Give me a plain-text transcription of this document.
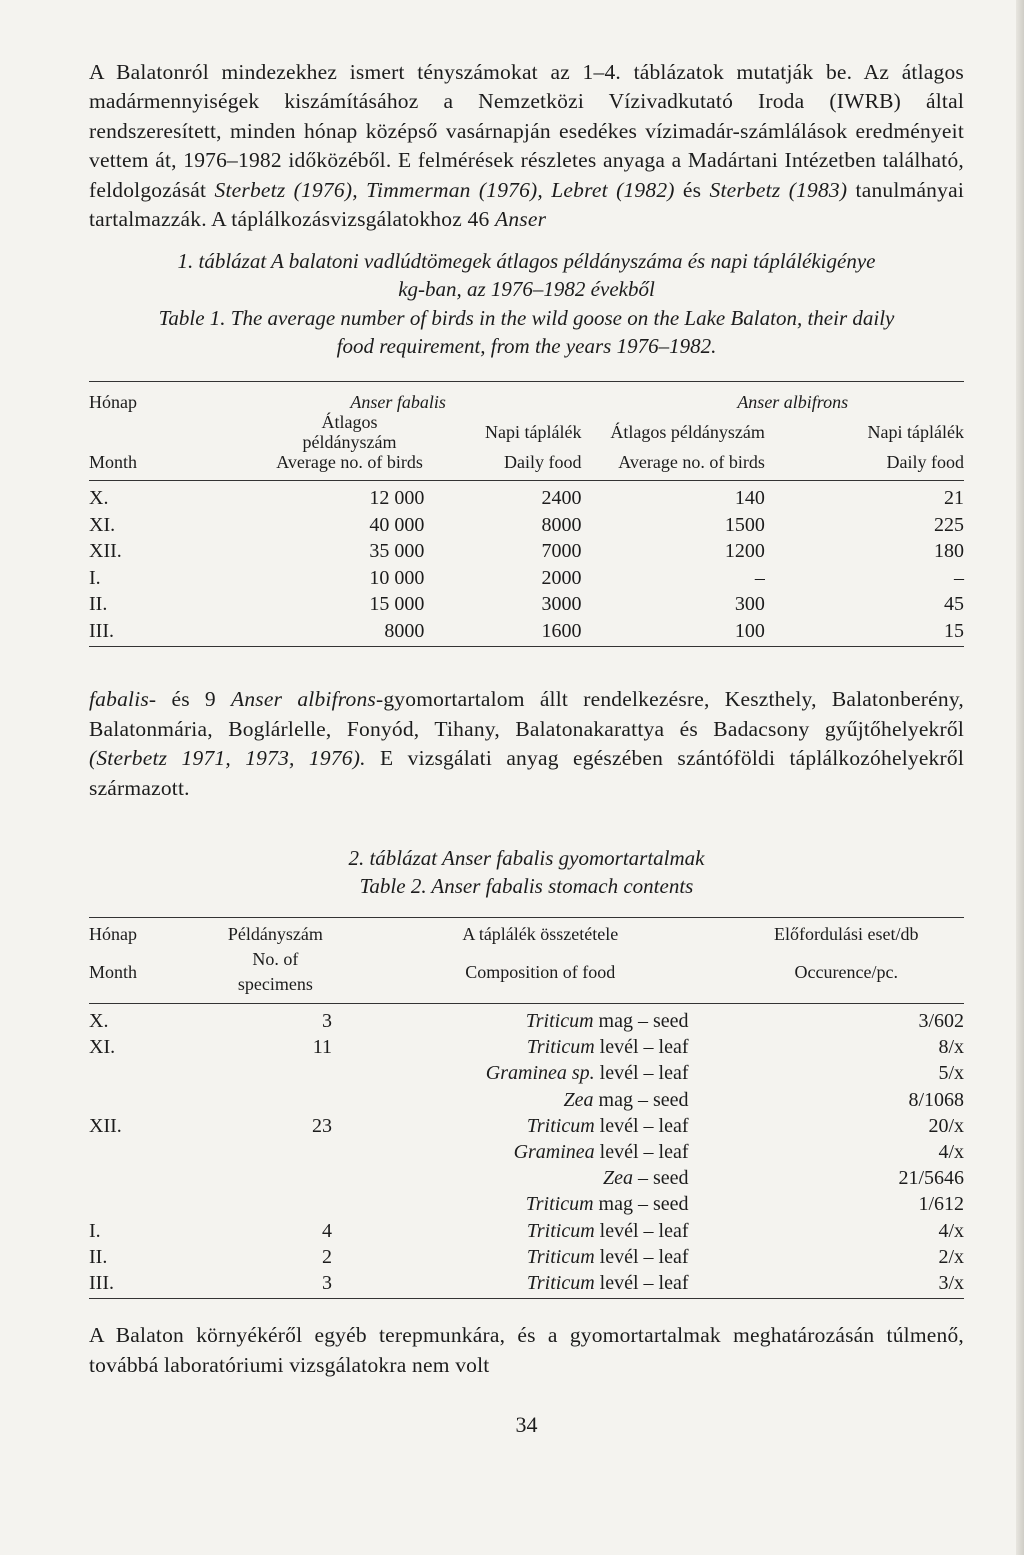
A Balatonról mindezekhez ismert tényszámokat az 1–4. táblázatok mutatják be. Az átlagos madármennyiségek kiszámításához a Nemzetközi Vízivadkutató Iroda (IWRB) által rendszeresített, minden hónap középső vasárnapján esedékes vízimadár-számlálások eredményeit vettem át, 1976–1982 időközéből. E felmérések részletes anyaga a Madártani Intézetben található, feldolgozását Sterbetz (1976), Timmerman (1976), Lebret (1982) és Sterbetz (1983) tanulmányai tartalmazzák. A táplálkozásvizsgálatokhoz 46 Anser

1. táblázat A balatoni vadlúdtömegek átlagos példányszáma és napi táplálékigénye
kg-ban, az 1976–1982 évekből

Table 1. The average number of birds in the wild goose on the Lake Balaton, their daily
food requirement, from the years 1976–1982.

Hónap	Anser fabalis		Anser albifrons	
	Átlagos példányszám	Napi táplálék	Átlagos példányszám	Napi táplálék
Month	Average no. of birds	Daily food	Average no. of birds	Daily food
X.	12 000	2400	140	21
XI.	40 000	8000	1500	225
XII.	35 000	7000	1200	180
I.	10 000	2000	–	–
II.	15 000	3000	300	45
III.	8000	1600	100	15

fabalis- és 9 Anser albifrons-gyomortartalom állt rendelkezésre, Keszthely, Balatonberény, Balatonmária, Boglárlelle, Fonyód, Tihany, Balatonakarattya és Badacsony gyűjtőhelyekről (Sterbetz 1971, 1973, 1976). E vizsgálati anyag egészében szántóföldi táplálkozóhelyekről származott.

2. táblázat Anser fabalis gyomortartalmak
Table 2. Anser fabalis stomach contents

Hónap	Példányszám	A táplálék összetétele	Előfordulási eset/db
Month	No. of specimens	Composition of food	Occurence/pc.
X.	3	Triticum mag – seed	3/602
XI.	11	Triticum levél – leaf	8/x
		Graminea sp. levél – leaf	5/x
		Zea mag – seed	8/1068
XII.	23	Triticum levél – leaf	20/x
		Graminea levél – leaf	4/x
		Zea – seed	21/5646
		Triticum mag – seed	1/612
I.	4	Triticum levél – leaf	4/x
II.	2	Triticum levél – leaf	2/x
III.	3	Triticum levél – leaf	3/x

A Balaton környékéről egyéb terepmunkára, és a gyomortartalmak meghatározásán túlmenő, továbbá laboratóriumi vizsgálatokra nem volt

34
